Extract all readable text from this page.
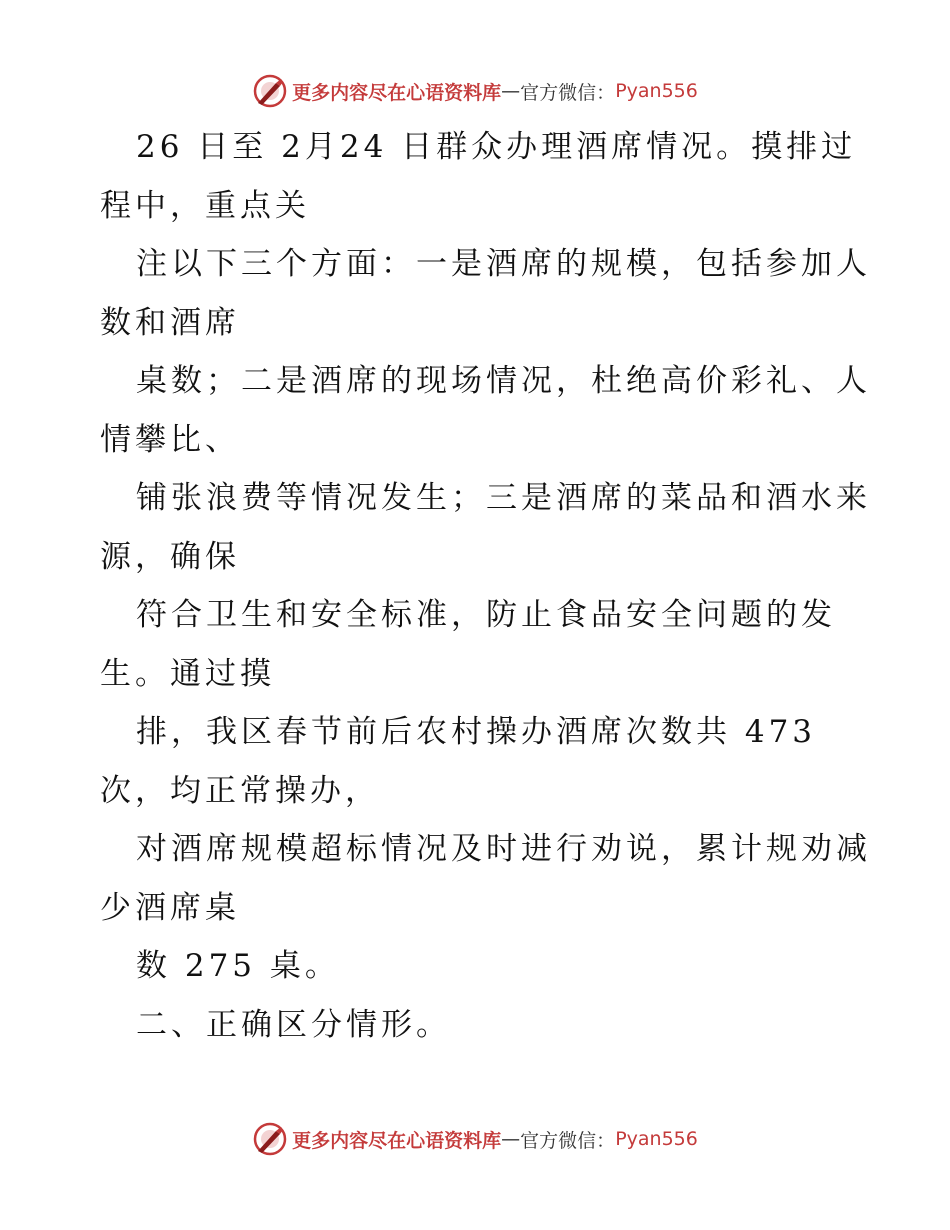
更多内容尽在心语资料库 — 官方微信： Pyan556
26 日至 2月24 日群众办理酒席情况。摸排过
程中，重点关
注以下三个方面：一是酒席的规模，包括参加人
数和酒席
桌数；二是酒席的现场情况，杜绝高价彩礼、人
情攀比、
铺张浪费等情况发生；三是酒席的菜品和酒水来
源，确保
符合卫生和安全标准，防止食品安全问题的发
生。通过摸
排，我区春节前后农村操办酒席次数共 473
次，均正常操办，
对酒席规模超标情况及时进行劝说，累计规劝减
少酒席桌
数 275 桌。
二、正确区分情形。
更多内容尽在心语资料库 — 官方微信： Pyan556
